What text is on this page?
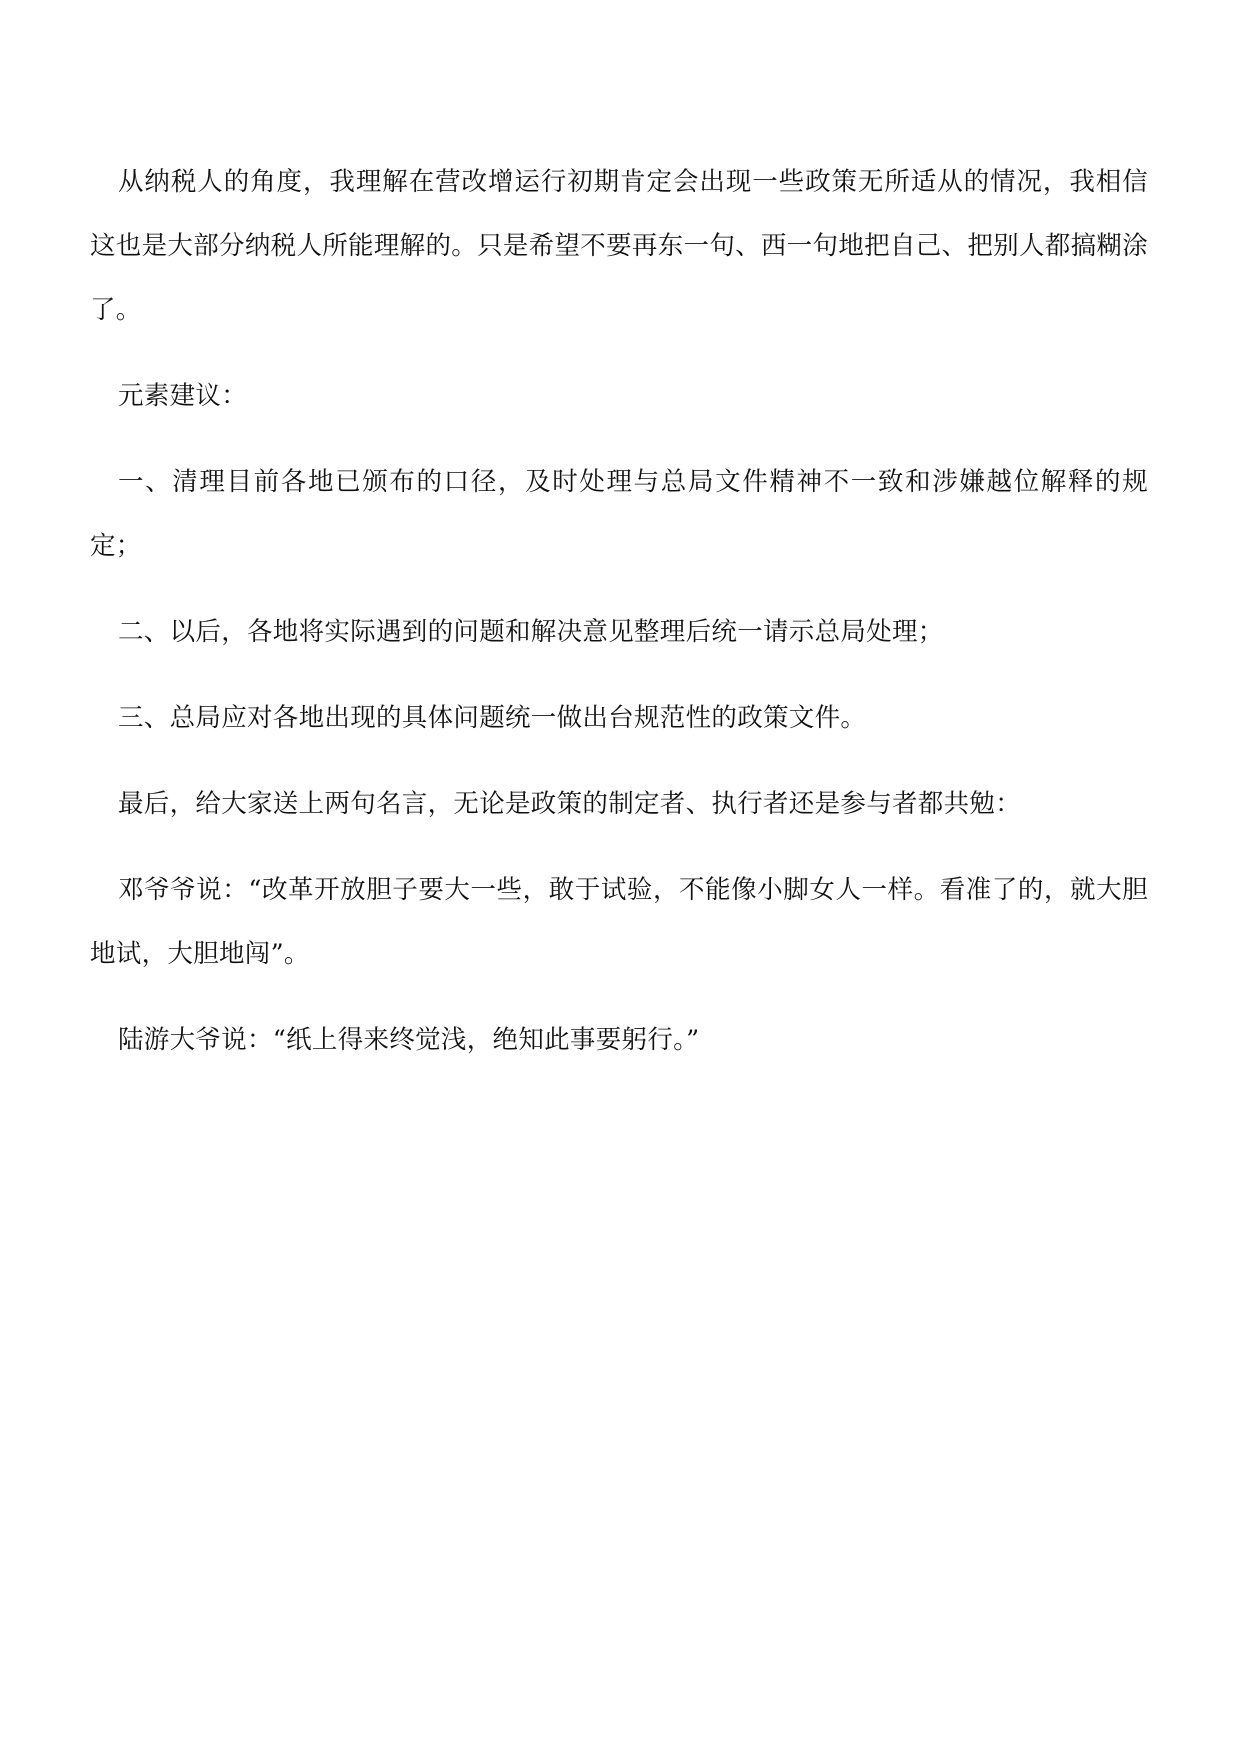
从纳税人的角度，我理解在营改增运行初期肯定会出现一些政策无所适从的情况，我相信这也是大部分纳税人所能理解的。只是希望不要再东一句、西一句地把自己、把别人都搞糊涂了。

元素建议：

一、清理目前各地已颁布的口径，及时处理与总局文件精神不一致和涉嫌越位解释的规定；

二、以后，各地将实际遇到的问题和解决意见整理后统一请示总局处理；

三、总局应对各地出现的具体问题统一做出台规范性的政策文件。

最后，给大家送上两句名言，无论是政策的制定者、执行者还是参与者都共勉：

邓爷爷说：“改革开放胆子要大一些，敢于试验，不能像小脚女人一样。看准了的，就大胆地试，大胆地闯”。

陆游大爷说：“纸上得来终觉浅，绝知此事要躬行。”
